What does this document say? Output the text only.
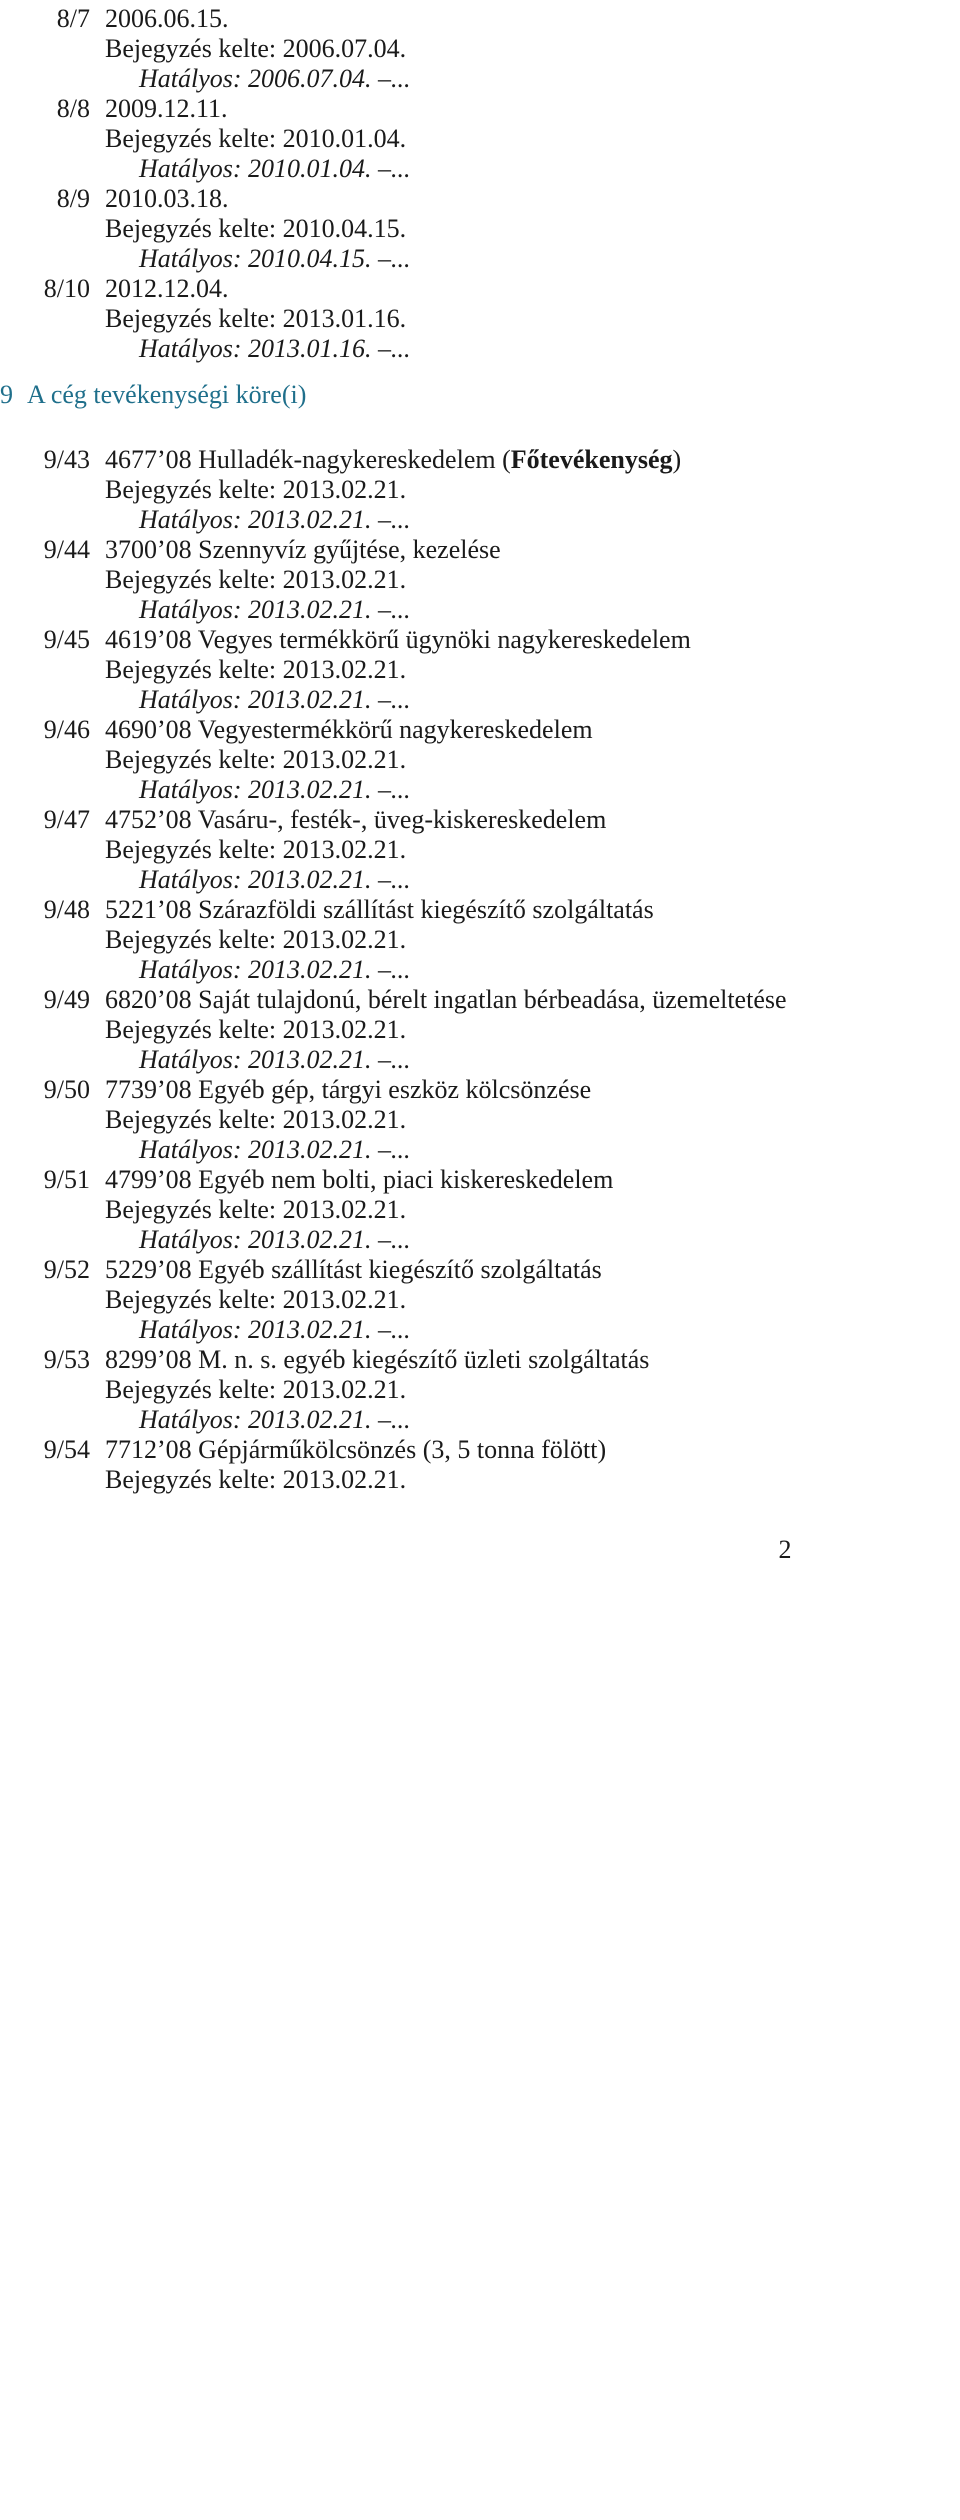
8/7 2006.06.15.
Bejegyzés kelte: 2006.07.04.
Hatályos: 2006.07.04. –...
8/8 2009.12.11.
Bejegyzés kelte: 2010.01.04.
Hatályos: 2010.01.04. –...
8/9 2010.03.18.
Bejegyzés kelte: 2010.04.15.
Hatályos: 2010.04.15. –...
8/10 2012.12.04.
Bejegyzés kelte: 2013.01.16.
Hatályos: 2013.01.16. –...
9 A cég tevékenységi köre(i)
9/43 4677’08 Hulladék-nagykereskedelem (Főtevékenység)
Bejegyzés kelte: 2013.02.21.
Hatályos: 2013.02.21. –...
9/44 3700’08 Szennyvíz gyűjtése, kezelése
Bejegyzés kelte: 2013.02.21.
Hatályos: 2013.02.21. –...
9/45 4619’08 Vegyes termékkörű ügynöki nagykereskedelem
Bejegyzés kelte: 2013.02.21.
Hatályos: 2013.02.21. –...
9/46 4690’08 Vegyestermékkörű nagykereskedelem
Bejegyzés kelte: 2013.02.21.
Hatályos: 2013.02.21. –...
9/47 4752’08 Vasáru-, festék-, üveg-kiskereskedelem
Bejegyzés kelte: 2013.02.21.
Hatályos: 2013.02.21. –...
9/48 5221’08 Szárazföldi szállítást kiegészítő szolgáltatás
Bejegyzés kelte: 2013.02.21.
Hatályos: 2013.02.21. –...
9/49 6820’08 Saját tulajdonú, bérelt ingatlan bérbeadása, üzemeltetése
Bejegyzés kelte: 2013.02.21.
Hatályos: 2013.02.21. –...
9/50 7739’08 Egyéb gép, tárgyi eszköz kölcsönzése
Bejegyzés kelte: 2013.02.21.
Hatályos: 2013.02.21. –...
9/51 4799’08 Egyéb nem bolti, piaci kiskereskedelem
Bejegyzés kelte: 2013.02.21.
Hatályos: 2013.02.21. –...
9/52 5229’08 Egyéb szállítást kiegészítő szolgáltatás
Bejegyzés kelte: 2013.02.21.
Hatályos: 2013.02.21. –...
9/53 8299’08 M. n. s. egyéb kiegészítő üzleti szolgáltatás
Bejegyzés kelte: 2013.02.21.
Hatályos: 2013.02.21. –...
9/54 7712’08 Gépjárműkölcsönzés (3, 5 tonna fölött)
Bejegyzés kelte: 2013.02.21.
2
